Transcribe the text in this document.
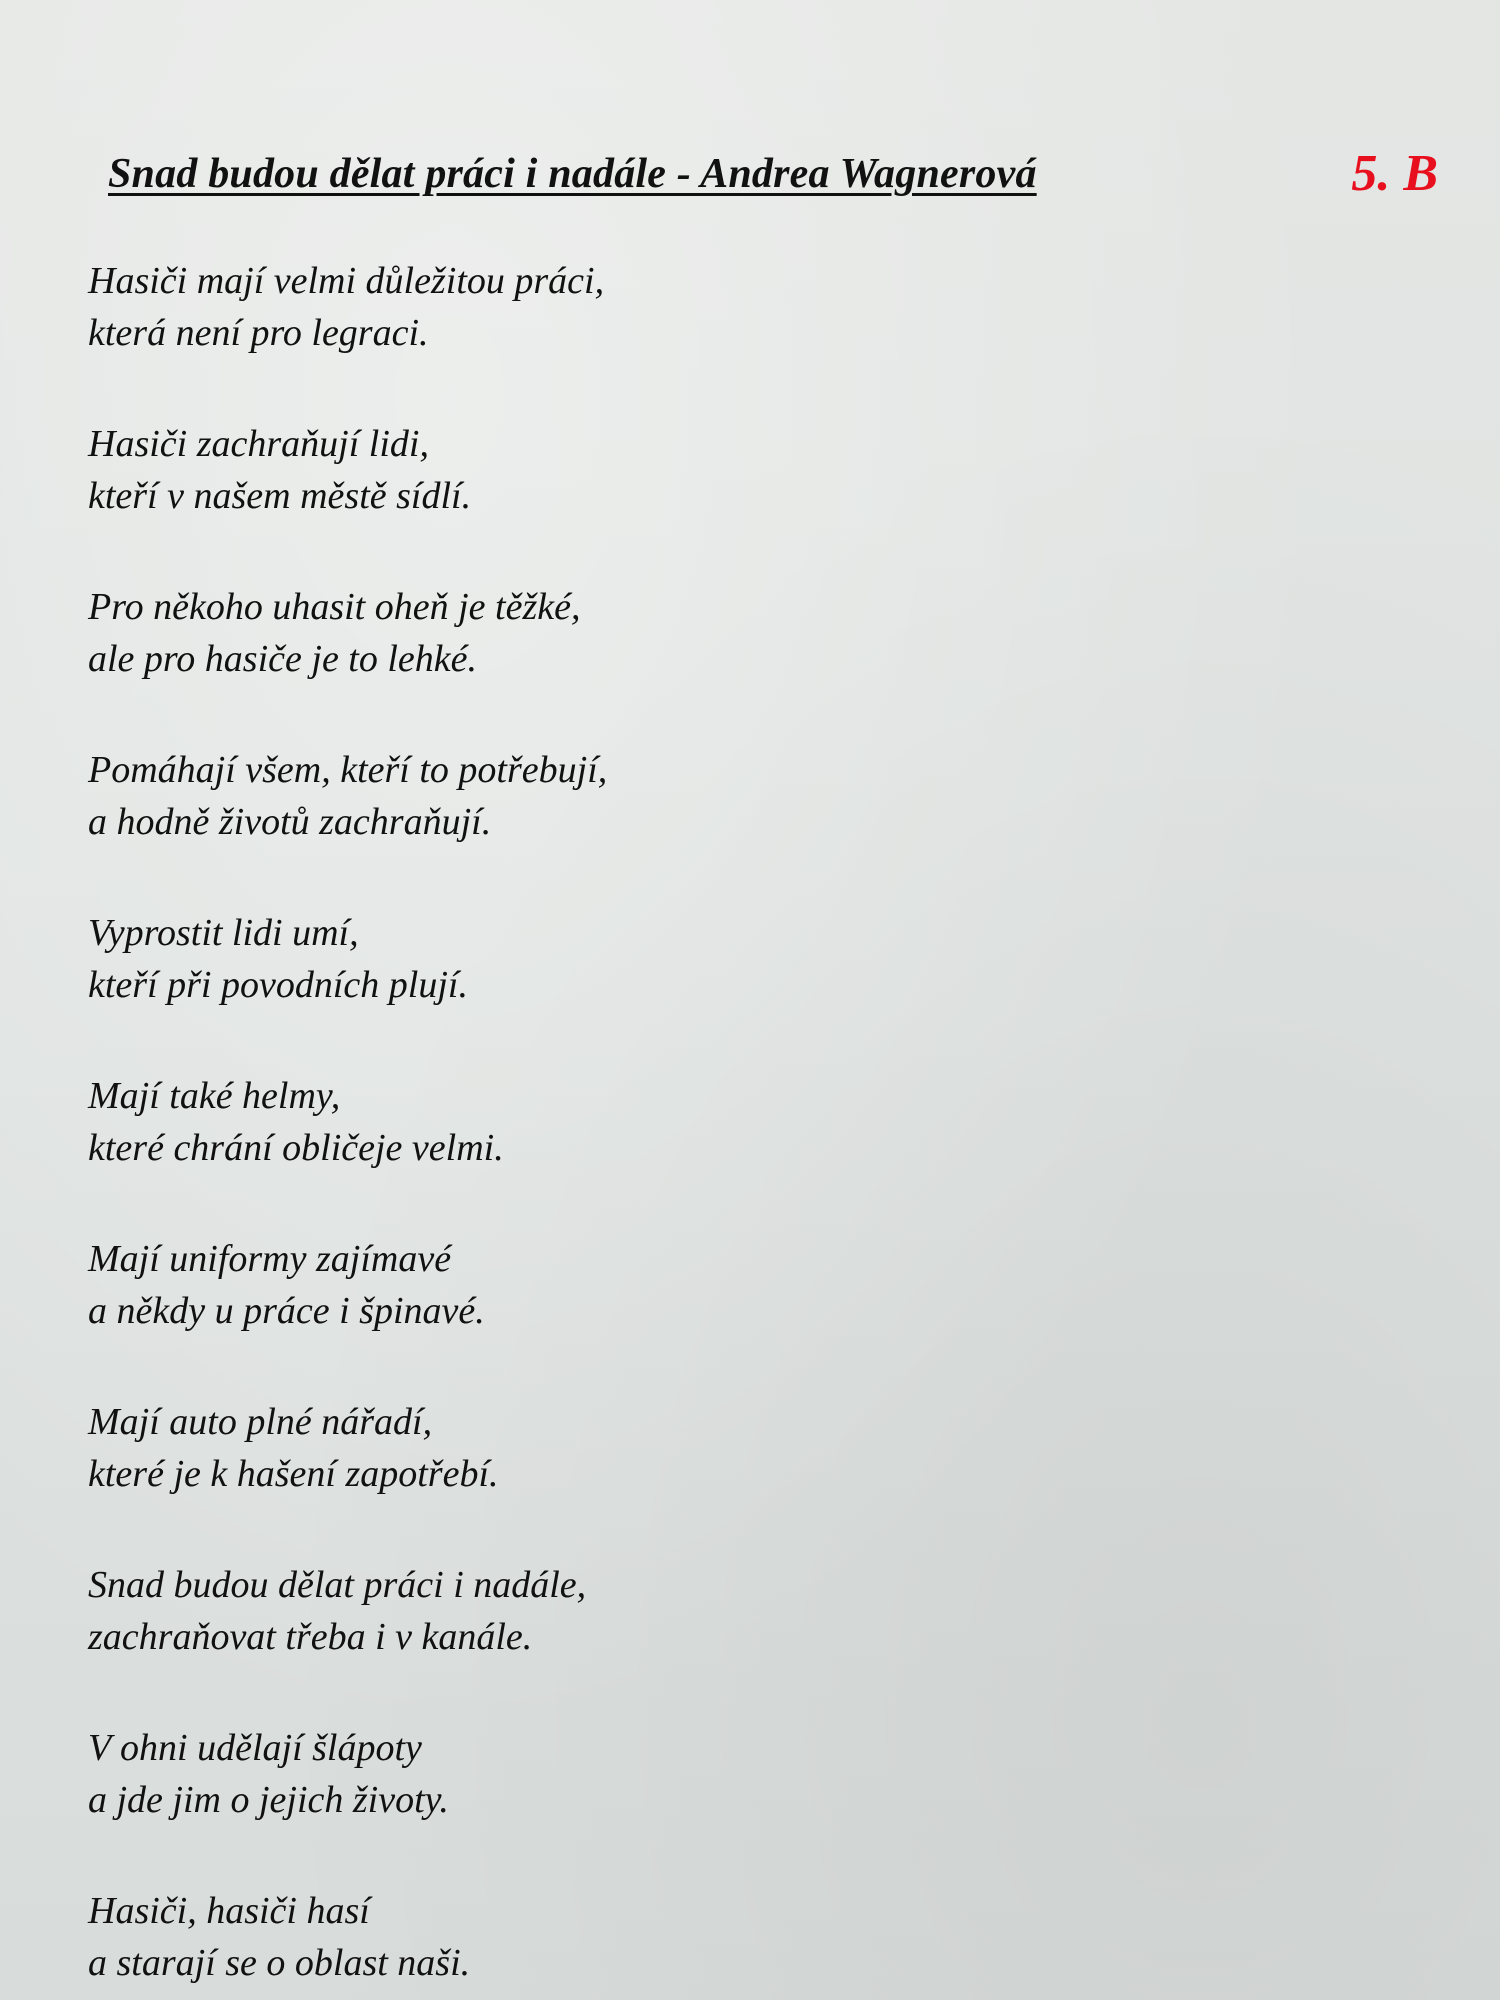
Snad budou dělat práci i nadále - Andrea Wagnerová	5. B
Hasiči mají velmi důležitou práci,
která není pro legraci.
Hasiči zachraňují lidi,
kteří v našem městě sídlí.
Pro někoho uhasit oheň je těžké,
ale pro hasiče je to lehké.
Pomáhají všem, kteří to potřebují,
a hodně životů zachraňují.
Vyprostit lidi umí,
kteří při povodních plují.
Mají také helmy,
které chrání obličeje velmi.
Mají uniformy zajímavé
a někdy u práce i špinavé.
Mají auto plné nářadí,
které je k hašení zapotřebí.
Snad budou dělat práci i nadále,
zachraňovat třeba i v kanále.
V ohni udělají šlápoty
a jde jim o jejich životy.
Hasiči, hasiči hasí
a starají se o oblast naši.
